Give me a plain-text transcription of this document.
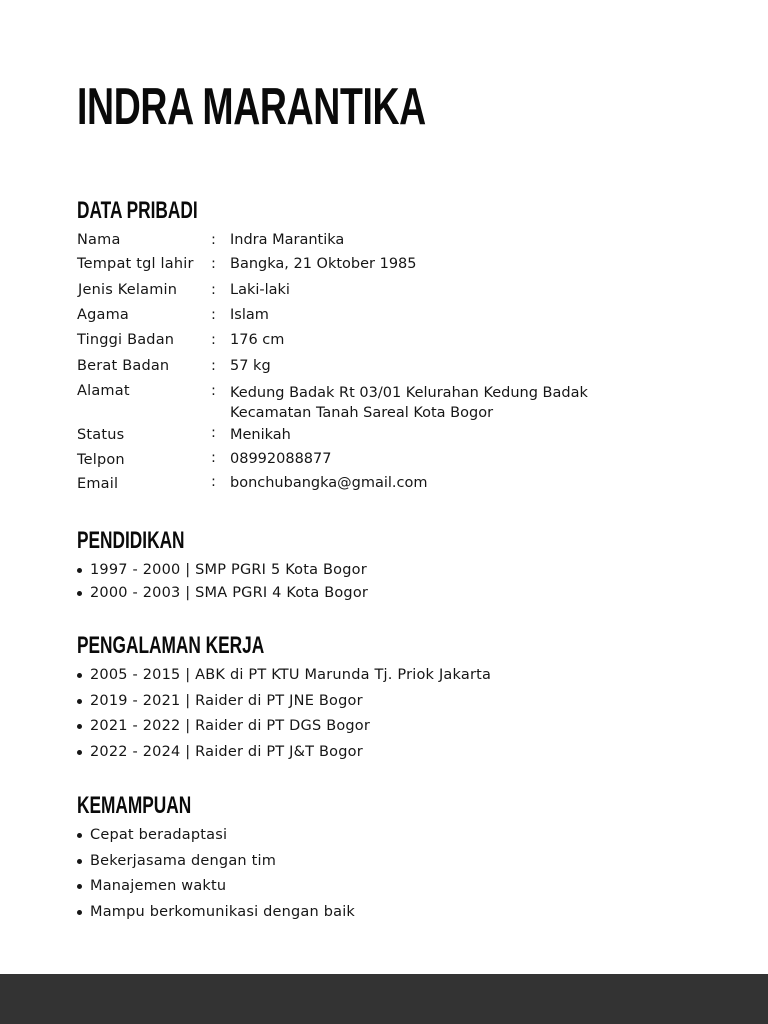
INDRA MARANTIKA
DATA PRIBADI
Nama	: Indra Marantika
Tempat tgl lahir : Bangka, 21 Oktober 1985
Jenis Kelamin : Laki-laki
Agama	: Islam
Tinggi Badan	: 176 cm
Berat Badan	: 57 kg
Alamat	: Kedung Badak Rt 03/01 Kelurahan Kedung Badak
Kecamatan Tanah Sareal Kota Bogor
Status	: Menikah
Telpon	: 08992088877
Email	: bonchubangka@gmail.com
PENDIDIKAN
1997 - 2000 | SMP PGRI 5 Kota Bogor
2000 - 2003 | SMA PGRI 4 Kota Bogor
PENGALAMAN KERJA
2005 - 2015 | ABK di PT KTU Marunda Tj. Priok Jakarta
2019 - 2021 | Raider di PT JNE Bogor
2021 - 2022 | Raider di PT DGS Bogor
2022 - 2024 | Raider di PT J&T Bogor
KEMAMPUAN
Cepat beradaptasi
Bekerjasama dengan tim
Manajemen waktu
Mampu berkomunikasi dengan baik
